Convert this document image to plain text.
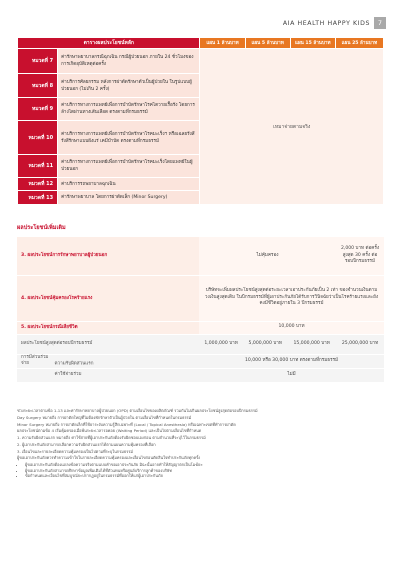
AIA HEALTH HAPPY KIDS	7
ตารางผลประโยชน์หลัก		แผน 1 ล้านบาท	แผน 5 ล้านบาท	แผน 15 ล้านบาท	แผน 25 ล้านบาท
หมวดที่ 7	ค่ารักษาพยาบาลกรณีฉุกเฉิน กรณีผู้ป่วยนอก ภายใน 24 ชั่วโมงของการเกิดอุบัติเหตุต่อครั้ง	เหมาจ่ายตามจริง			
หมวดที่ 8	ค่าบริการศัลยกรรม หลังการผ่าตัดรักษาตัวเป็นผู้ป่วยใน ในรูปแบบผู้ป่วยนอก (ไม่เกิน 2 ครั้ง)				
หมวดที่ 9	ค่าบริการทางการแพทย์เพื่อการบำบัดรักษาโรคไตวายเรื้อรัง โดยการล้างไตผ่านทางเส้นเลือด ตรงตามที่กรมธรรม์				
หมวดที่ 10	ค่าบริการทางการแพทย์เพื่อการบำบัดรักษาโรคมะเร็งฯ หรือเฉลยรังสี รังสีรักษาแบบฝังแร่ เคมีบำบัด ตรงตามที่กรมธรรม์				
หมวดที่ 11	ค่าบริการทางการแพทย์เพื่อการบำบัดรักษาโรคมะเร็งโดยแพทย์ในผู้ป่วยนอก				
หมวดที่ 12	ค่าบริการรถพยาบาลฉุกเฉิน				
หมวดที่ 13	ค่ารักษาพยาบาล โดยการผ่าตัดเล็ก (Minor Surgery)				
ผลประโยชน์เพิ่มเติม
3. ผลประโยชน์การรักษาพยาบาลผู้ป่วยนอก	ไม่คุ้มครอง			2,000 บาท ต่อครั้ง สูงสุด 30 ครั้ง ต่อรอบปีกรมธรรม์
4. ผลประโยชน์คุ้มครองโรคร้ายแรง	บริษัทจะเพิ่มผลประโยชน์สูงสุดต่อระยะเวลาเอาประกันภัยเป็น 2 เท่า ของจำนวนเงินตามวงเงินสูงสุดเดิม ในปีกรมธรรม์ที่ผู้เอาประกันภัยได้รับการวินิจฉัยว่าเป็นโรคร้ายแรงและยังคงมีชีวิตอยู่ภายใน 3 ปีกรมธรรม์			
5. ผลประโยชน์กรณีเสียชีวิต	10,000 บาท			
ผลประโยชน์สูงสุดต่อรอบปีกรมธรรม์	1,000,000 บาท	5,000,000 บาท	15,000,000 บาท	25,000,000 บาท
การมีส่วนร่วมจ่าย ความรับผิดส่วนแรก	10,000 หรือ 30,000 บาท ตรงตามที่กรมธรรม์			
ค่าใช้จ่ายร่วม	ไม่มี			

ช่วงระยะเวลาตามข้อ 1-13 และค่ารักษาพยาบาลผู้ป่วยนอก (OPD) ตามเงื่อนไขของผลิตภัณฑ์ รวมกันไม่เกินผลประโยชน์สูงสุดต่อรอบปีกรมธรรม์

Day Surgery หมายถึง การผ่าตัดใหญ่ที่ไม่ต้องพักรักษาตัวเป็นผู้ป่วยใน ตามเงื่อนไขที่กำหนดในกรมธรรม์

Minor Surgery หมายถึง การผ่าตัดเล็กที่ใช้ยาระงับความรู้สึกเฉพาะที่ (Local / Topical Anesthesia) หรือเฉพาะเขตที่ทำการผ่าตัด

ผลประโยชน์ตามข้อ 4 เริ่มคุ้มครองเมื่อพ้นระยะเวลารอคอย (Waiting Period) และเป็นไปตามเงื่อนไขที่กำหนด

1. ความรับผิดส่วนแรก หมายถึง ค่าใช้จ่ายที่ผู้เอาประกันภัยต้องรับผิดชอบเองก่อน ตามจำนวนที่ระบุไว้ในกรมธรรม์

2. ผู้เอาประกันภัยสามารถเลือกความรับผิดส่วนแรกได้ตามแผนความคุ้มครองที่เลือก

3. เงื่อนไขและรายละเอียดความคุ้มครองเป็นไปตามที่ระบุในกรมธรรม์

ผู้ขอเอาประกันภัยควรทำความเข้าใจในรายละเอียดความคุ้มครองและเงื่อนไขก่อนตัดสินใจทำประกันภัยทุกครั้ง

• ผู้ขอเอาประกันภัยต้องแถลงข้อความจริงตามแบบคำขอเอาประกันภัย มิฉะนั้นอาจทำให้สัญญาตกเป็นโมฆียะ
• ผู้ขอเอาประกันภัยสามารถศึกษาข้อมูลเพิ่มเติมได้ที่ตัวแทนหรือศูนย์บริการลูกค้าของบริษัท
• ข้อกำหนดและเงื่อนไขที่สมบูรณ์จะปรากฏอยู่ในกรมธรรม์ที่ออกให้แก่ผู้เอาประกันภัย
